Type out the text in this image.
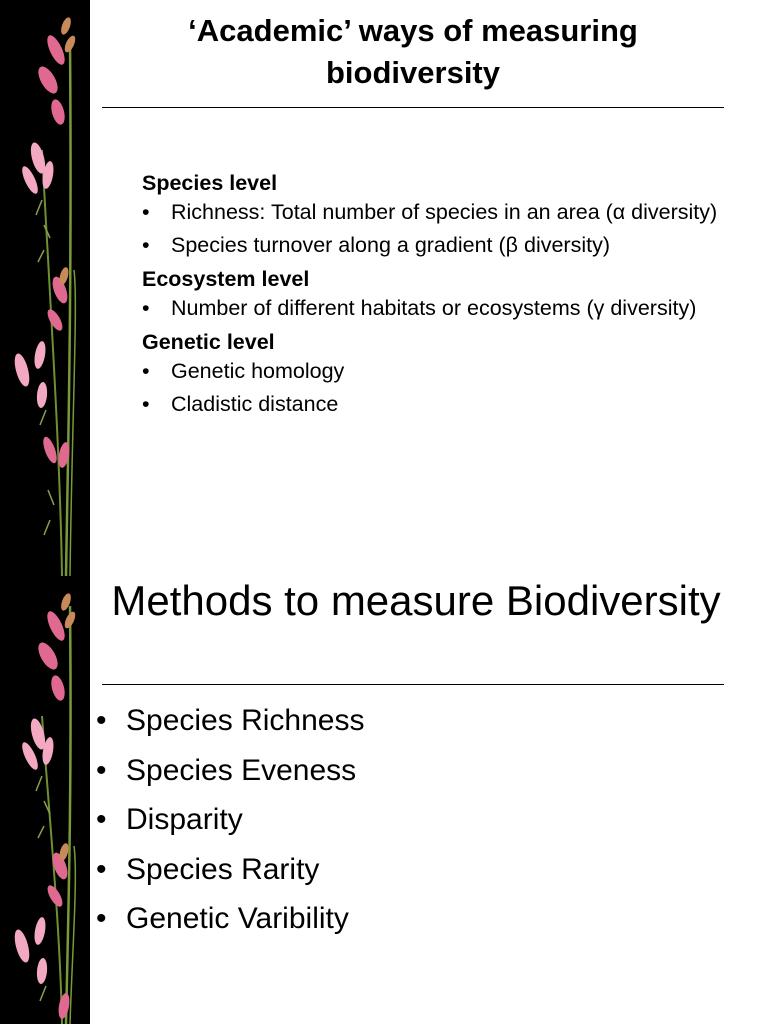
‘Academic’ ways of measuring biodiversity

Species level

• Richness: Total number of species in an area (α diversity)
• Species turnover along a gradient (β diversity)

Ecosystem level

• Number of different habitats or ecosystems (γ diversity)

Genetic level

• Genetic homology
• Cladistic distance
Methods to measure Biodiversity
• Species Richness
• Species Eveness
• Disparity
• Species Rarity
• Genetic Varibility
